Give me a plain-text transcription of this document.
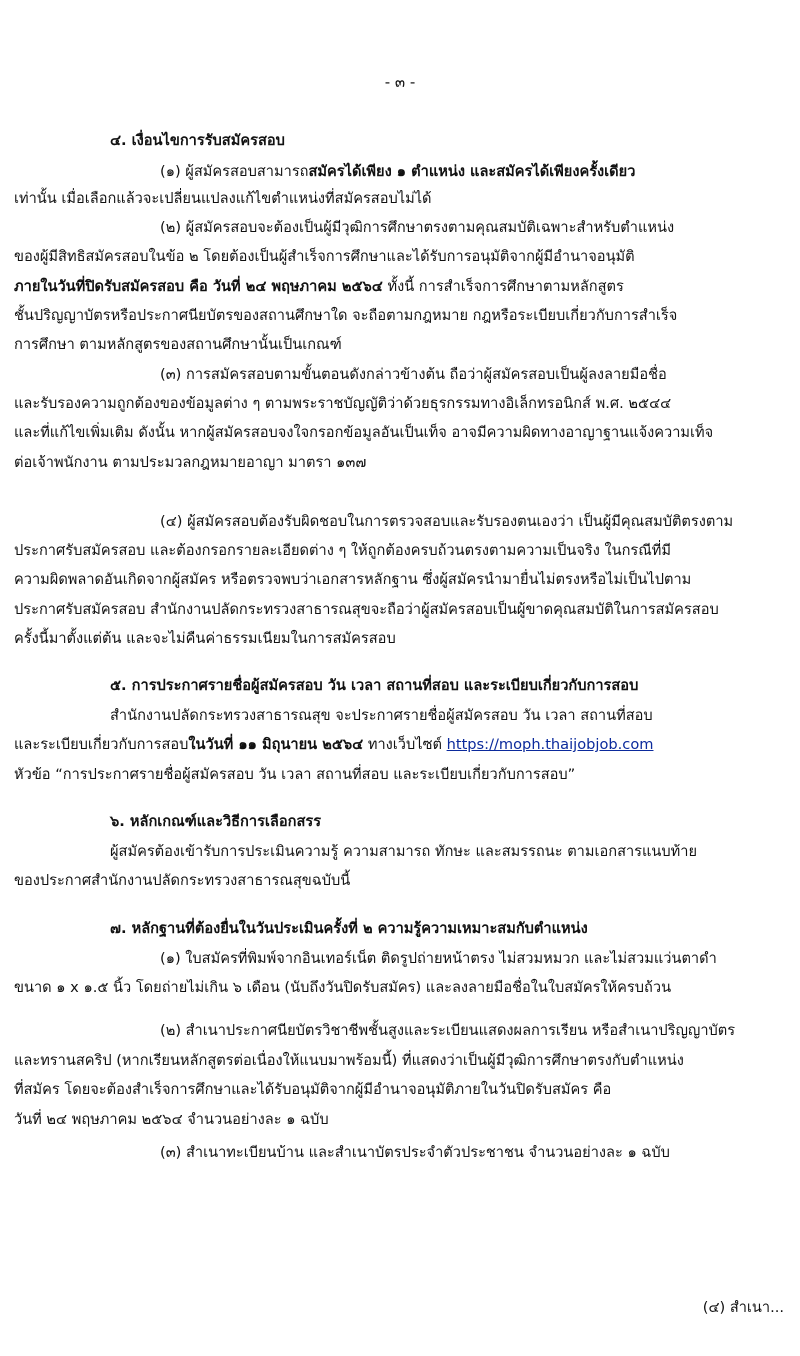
- ๓ -
๔. เงื่อนไขการรับสมัครสอบ
(๑) ผู้สมัครสอบสามารถสมัครได้เพียง ๑ ตำแหน่ง และสมัครได้เพียงครั้งเดียว
เท่านั้น เมื่อเลือกแล้วจะเปลี่ยนแปลงแก้ไขตำแหน่งที่สมัครสอบไม่ได้
(๒) ผู้สมัครสอบจะต้องเป็นผู้มีวุฒิการศึกษาตรงตามคุณสมบัติเฉพาะสำหรับตำแหน่ง
ของผู้มีสิทธิสมัครสอบในข้อ ๒ โดยต้องเป็นผู้สำเร็จการศึกษาและได้รับการอนุมัติจากผู้มีอำนาจอนุมัติ
ภายในวันที่ปิดรับสมัครสอบ คือ วันที่ ๒๔ พฤษภาคม ๒๕๖๔ ทั้งนี้ การสำเร็จการศึกษาตามหลักสูตร
ชั้นปริญญาบัตรหรือประกาศนียบัตรของสถานศึกษาใด จะถือตามกฎหมาย กฎหรือระเบียบเกี่ยวกับการสำเร็จ
การศึกษา ตามหลักสูตรของสถานศึกษานั้นเป็นเกณฑ์
(๓) การสมัครสอบตามขั้นตอนดังกล่าวข้างต้น ถือว่าผู้สมัครสอบเป็นผู้ลงลายมือชื่อ
และรับรองความถูกต้องของข้อมูลต่าง ๆ ตามพระราชบัญญัติว่าด้วยธุรกรรมทางอิเล็กทรอนิกส์ พ.ศ. ๒๕๔๔
และที่แก้ไขเพิ่มเติม ดังนั้น หากผู้สมัครสอบจงใจกรอกข้อมูลอันเป็นเท็จ อาจมีความผิดทางอาญาฐานแจ้งความเท็จ
ต่อเจ้าพนักงาน ตามประมวลกฎหมายอาญา มาตรา ๑๓๗
(๔) ผู้สมัครสอบต้องรับผิดชอบในการตรวจสอบและรับรองตนเองว่า เป็นผู้มีคุณสมบัติตรงตาม
ประกาศรับสมัครสอบ และต้องกรอกรายละเอียดต่าง ๆ ให้ถูกต้องครบถ้วนตรงตามความเป็นจริง ในกรณีที่มี
ความผิดพลาดอันเกิดจากผู้สมัคร หรือตรวจพบว่าเอกสารหลักฐาน ซึ่งผู้สมัครนำมายื่นไม่ตรงหรือไม่เป็นไปตาม
ประกาศรับสมัครสอบ สำนักงานปลัดกระทรวงสาธารณสุขจะถือว่าผู้สมัครสอบเป็นผู้ขาดคุณสมบัติในการสมัครสอบ
ครั้งนี้มาตั้งแต่ต้น และจะไม่คืนค่าธรรมเนียมในการสมัครสอบ
๕. การประกาศรายชื่อผู้สมัครสอบ วัน เวลา สถานที่สอบ และระเบียบเกี่ยวกับการสอบ
สำนักงานปลัดกระทรวงสาธารณสุข จะประกาศรายชื่อผู้สมัครสอบ วัน เวลา สถานที่สอบ
และระเบียบเกี่ยวกับการสอบในวันที่ ๑๑ มิถุนายน ๒๕๖๔ ทางเว็บไซต์ https://moph.thaijobjob.com
หัวข้อ “การประกาศรายชื่อผู้สมัครสอบ วัน เวลา สถานที่สอบ และระเบียบเกี่ยวกับการสอบ”
๖. หลักเกณฑ์และวิธีการเลือกสรร
ผู้สมัครต้องเข้ารับการประเมินความรู้ ความสามารถ ทักษะ และสมรรถนะ ตามเอกสารแนบท้าย
ของประกาศสำนักงานปลัดกระทรวงสาธารณสุขฉบับนี้
๗. หลักฐานที่ต้องยื่นในวันประเมินครั้งที่ ๒ ความรู้ความเหมาะสมกับตำแหน่ง
(๑) ใบสมัครที่พิมพ์จากอินเทอร์เน็ต ติดรูปถ่ายหน้าตรง ไม่สวมหมวก และไม่สวมแว่นตาดำ
ขนาด ๑ x ๑.๕ นิ้ว โดยถ่ายไม่เกิน ๖ เดือน (นับถึงวันปิดรับสมัคร) และลงลายมือชื่อในใบสมัครให้ครบถ้วน
(๒) สำเนาประกาศนียบัตรวิชาชีพชั้นสูงและระเบียนแสดงผลการเรียน หรือสำเนาปริญญาบัตร
และทรานสคริป (หากเรียนหลักสูตรต่อเนื่องให้แนบมาพร้อมนี้) ที่แสดงว่าเป็นผู้มีวุฒิการศึกษาตรงกับตำแหน่ง
ที่สมัคร โดยจะต้องสำเร็จการศึกษาและได้รับอนุมัติจากผู้มีอำนาจอนุมัติภายในวันปิดรับสมัคร คือ
วันที่ ๒๔ พฤษภาคม ๒๕๖๔ จำนวนอย่างละ ๑ ฉบับ
(๓) สำเนาทะเบียนบ้าน และสำเนาบัตรประจำตัวประชาชน จำนวนอย่างละ ๑ ฉบับ
(๔) สำเนา...
